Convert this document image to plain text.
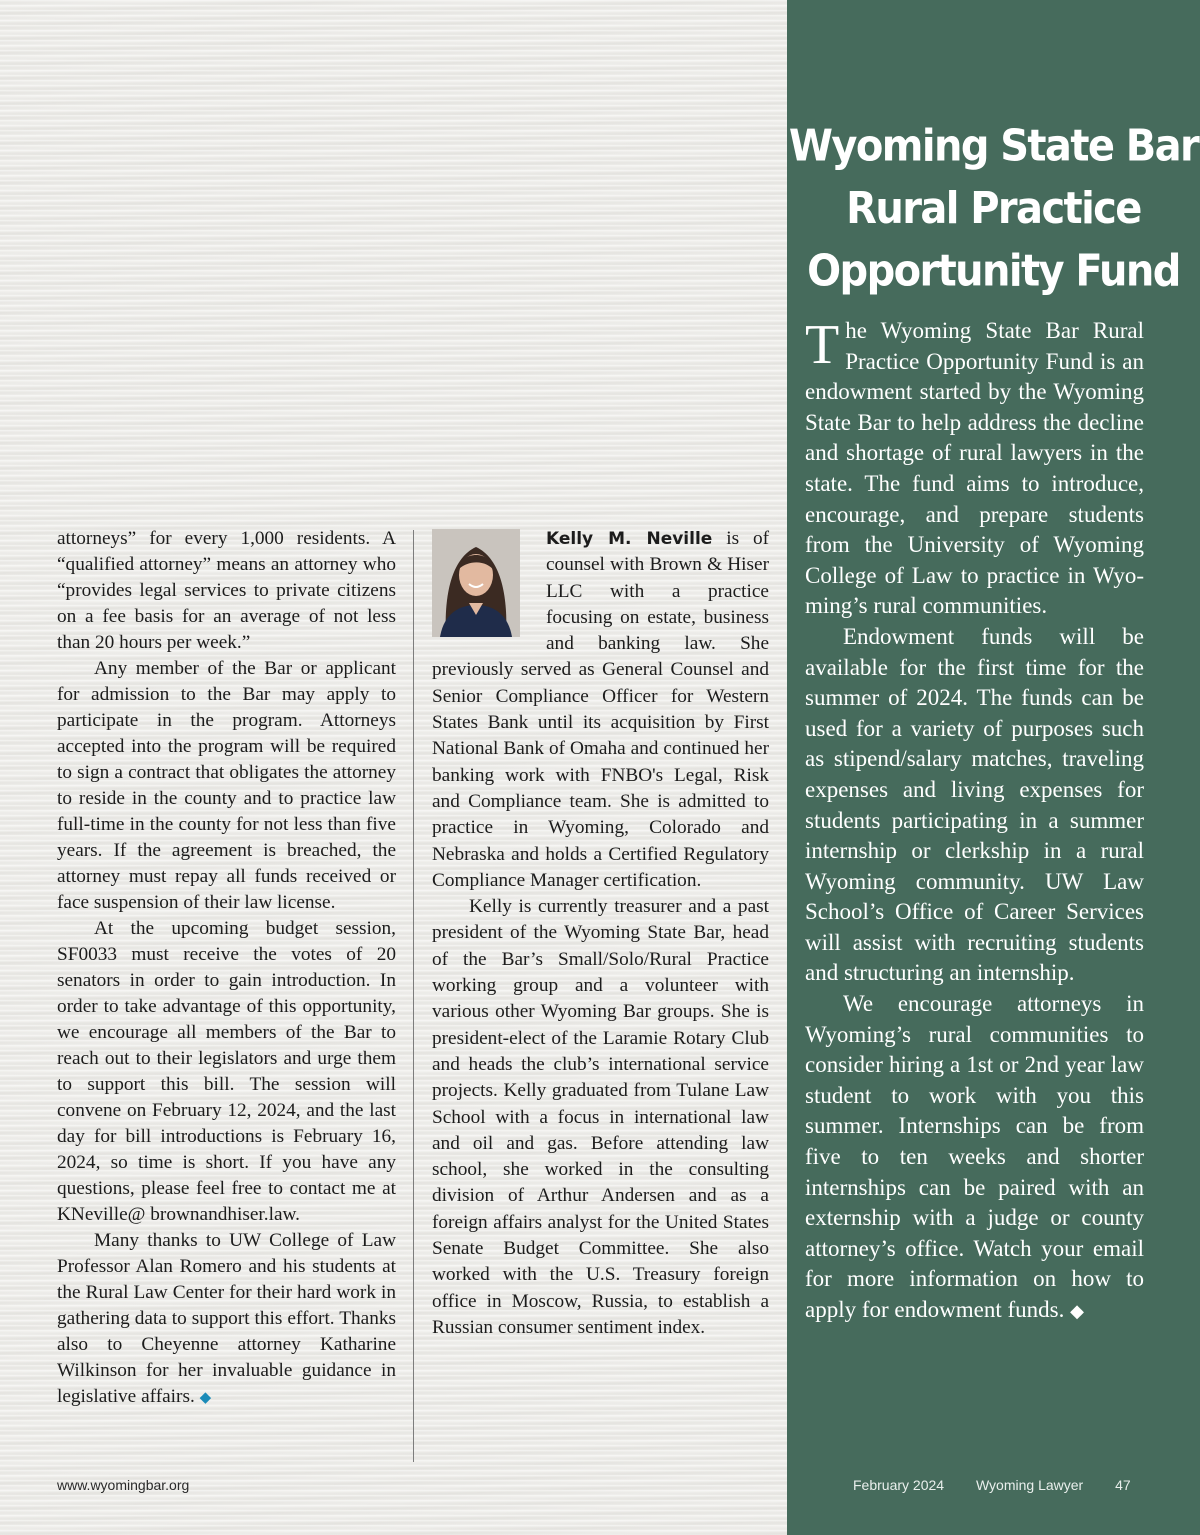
attorneys” for every 1,000 residents. A “qualified attorney” means an attorney who “provides legal services to private citizens on a fee basis for an average of not less than 20 hours per week.”

Any member of the Bar or applicant for admission to the Bar may apply to participate in the program. Attorneys accepted into the program will be required to sign a contract that obligates the attorney to reside in the county and to practice law full-time in the county for not less than five years. If the agreement is breached, the attorney must repay all funds received or face suspension of their law license.

At the upcoming budget session, SF0033 must receive the votes of 20 senators in order to gain introduction. In order to take advantage of this opportunity, we encourage all members of the Bar to reach out to their legislators and urge them to support this bill. The session will convene on February 12, 2024, and the last day for bill introductions is February 16, 2024, so time is short. If you have any questions, please feel free to contact me at KNeville@ brownandhiser.law.

Many thanks to UW College of Law Professor Alan Romero and his students at the Rural Law Center for their hard work in gathering data to support this effort. Thanks also to Cheyenne attorney Katharine Wilkinson for her invaluable guidance in legislative affairs. ◆

Kelly M. Neville is of counsel with Brown & Hiser LLC with a practice focusing on estate, business and banking law. She previously served as General Counsel and Senior Compliance Officer for Western States Bank until its acquisition by First National Bank of Omaha and continued her banking work with FNBO's Legal, Risk and Compliance team. She is admitted to practice in Wyoming, Colorado and Nebraska and holds a Certified Regulatory Compliance Manager certification.

Kelly is currently treasurer and a past president of the Wyoming State Bar, head of the Bar’s Small/Solo/Rural Practice working group and a volunteer with various other Wyoming Bar groups. She is president-elect of the Laramie Rotary Club and heads the club’s international service projects. Kelly graduated from Tulane Law School with a focus in international law and oil and gas. Before attending law school, she worked in the consulting division of Arthur Andersen and as a foreign affairs analyst for the United States Senate Budget Committee. She also worked with the U.S. Treasury foreign office in Moscow, Russia, to establish a Russian consumer sentiment index.

Wyoming State Bar
Rural Practice
Opportunity Fund

The Wyoming State Bar Rural Practice Opportunity Fund is an endowment started by the Wyoming State Bar to help address the decline and shortage of rural lawyers in the state. The fund aims to introduce, encourage, and prepare students from the University of Wyoming College of Law to practice in Wyoming’s rural communities.

Endowment funds will be available for the first time for the summer of 2024. The funds can be used for a variety of purposes such as stipend/salary matches, traveling expenses and living expenses for students participating in a summer internship or clerkship in a rural Wyoming community. UW Law School’s Office of Career Services will assist with recruiting students and structuring an internship.

We encourage attorneys in Wyoming’s rural communities to consider hiring a 1st or 2nd year law student to work with you this summer. Internships can be from five to ten weeks and shorter internships can be paired with an externship with a judge or county attorney’s office. Watch your email for more information on how to apply for endowment funds. ◆

www.wyomingbar.org	February 2024 Wyoming Lawyer 47
